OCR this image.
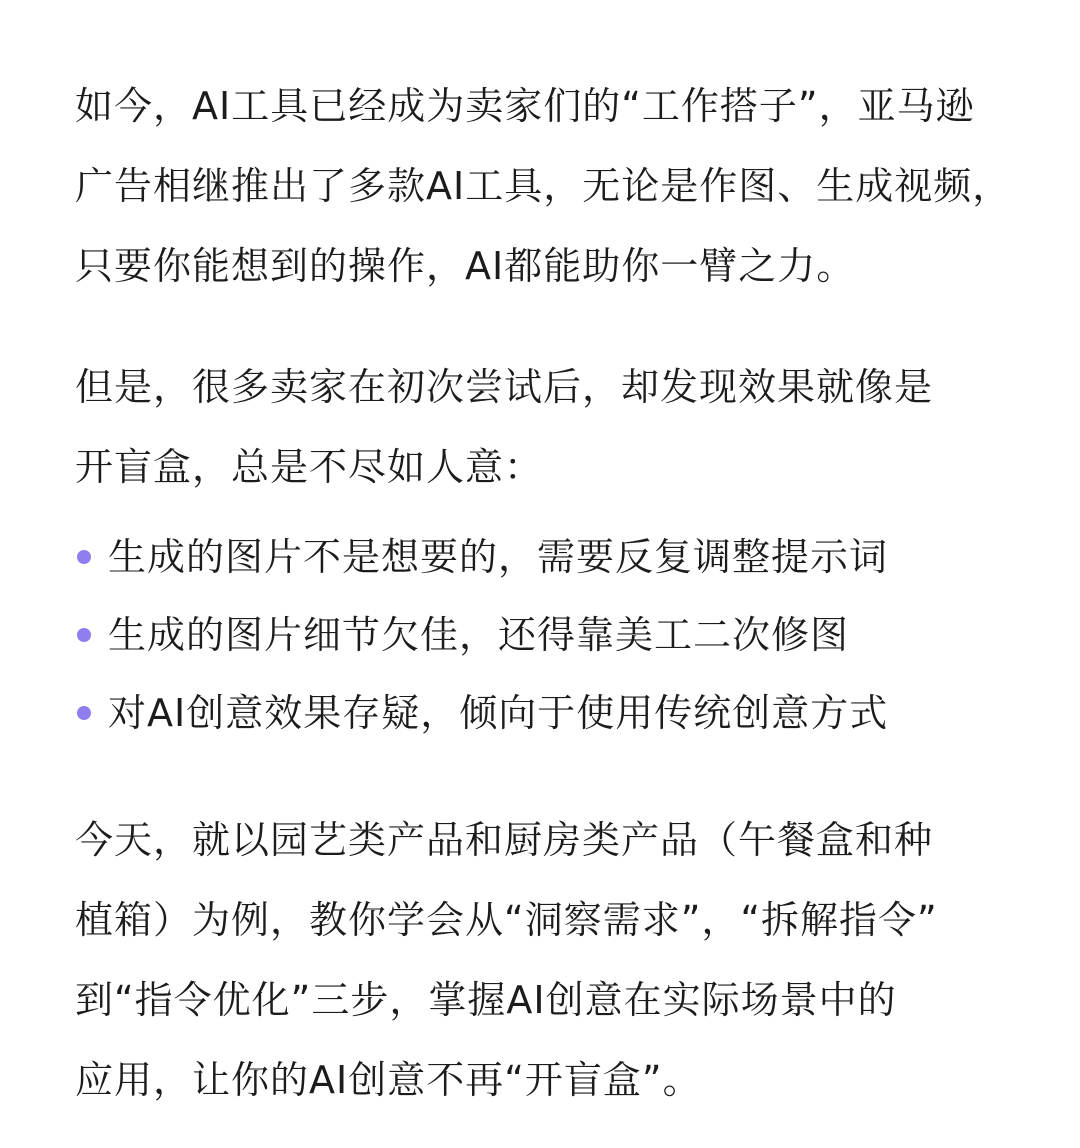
如今，AI工具已经成为卖家们的“工作搭子”，亚马逊
广告相继推出了多款AI工具，无论是作图、生成视频，
只要你能想到的操作，AI都能助你一臂之力。

但是，很多卖家在初次尝试后，却发现效果就像是
开盲盒，总是不尽如人意：

生成的图片不是想要的，需要反复调整提示词
生成的图片细节欠佳，还得靠美工二次修图
对AI创意效果存疑，倾向于使用传统创意方式

今天，就以园艺类产品和厨房类产品（午餐盒和种
植箱）为例，教你学会从“洞察需求”，“拆解指令”
到“指令优化”三步，掌握AI创意在实际场景中的
应用，让你的AI创意不再“开盲盒”。
